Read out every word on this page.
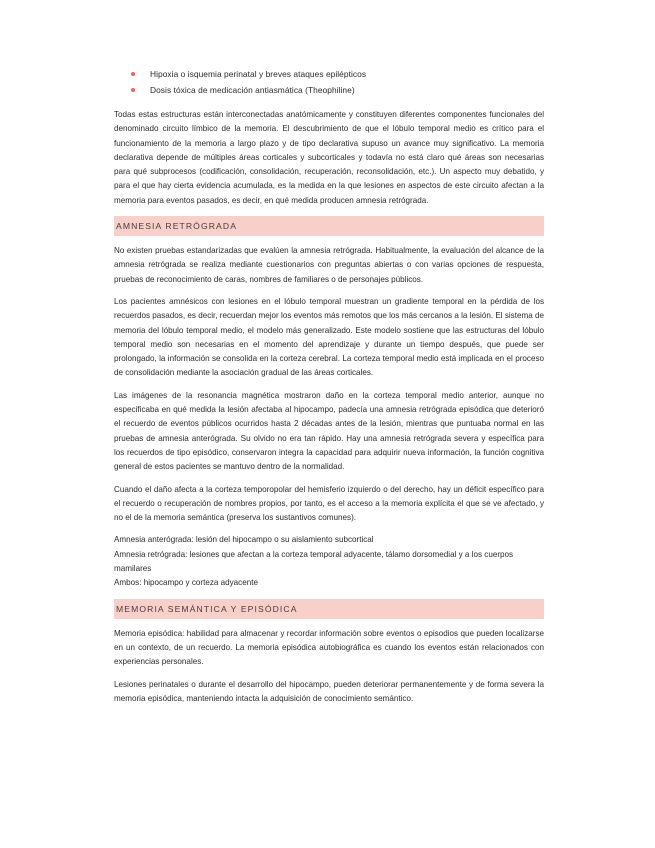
Hipoxia o isquemia perinatal y breves ataques epilépticos
Dosis tóxica de medicación antiasmática (Theophiline)

Todas estas estructuras están interconectadas anatómicamente y constituyen diferentes componentes funcionales del denominado circuito límbico de la memoria. El descubrimiento de que el lóbulo temporal medio es crítico para el funcionamiento de la memoria a largo plazo y de tipo declarativa supuso un avance muy significativo. La memoria declarativa depende de múltiples áreas corticales y subcorticales y todavía no está claro qué áreas son necesarias para qué subprocesos (codificación, consolidación, recuperación, reconsolidación, etc.). Un aspecto muy debatido, y para el que hay cierta evidencia acumulada, es la medida en la que lesiones en aspectos de este circuito afectan a la memoria para eventos pasados, es decir, en qué medida producen amnesia retrógrada.

AMNESIA RETRÓGRADA

No existen pruebas estandarizadas que evalúen la amnesia retrógrada. Habitualmente, la evaluación del alcance de la amnesia retrógrada se realiza mediante cuestionarios con preguntas abiertas o con varias opciones de respuesta, pruebas de reconocimiento de caras, nombres de familiares o de personajes públicos.

Los pacientes amnésicos con lesiones en el lóbulo temporal muestran un gradiente temporal en la pérdida de los recuerdos pasados, es decir, recuerdan mejor los eventos más remotos que los más cercanos a la lesión. El sistema de memoria del lóbulo temporal medio, el modelo más generalizado. Este modelo sostiene que las estructuras del lóbulo temporal medio son necesarias en el momento del aprendizaje y durante un tiempo después, que puede ser prolongado, la información se consolida en la corteza cerebral. La corteza temporal medio está implicada en el proceso de consolidación mediante la asociación gradual de las áreas corticales.

Las imágenes de la resonancia magnética mostraron daño en la corteza temporal medio anterior, aunque no especificaba en qué medida la lesión afectaba al hipocampo, padecía una amnesia retrógrada episódica que deterioró el recuerdo de eventos públicos ocurridos hasta 2 décadas antes de la lesión, mientras que puntuaba normal en las pruebas de amnesia anterógrada. Su olvido no era tan rápido. Hay una amnesia retrógrada severa y específica para los recuerdos de tipo episódico, conservaron integra la capacidad para adquirir nueva información, la función cognitiva general de estos pacientes se mantuvo dentro de la normalidad.

Cuando el daño afecta a la corteza temporopolar del hemisferio izquierdo o del derecho, hay un déficit específico para el recuerdo o recuperación de nombres propios, por tanto, es el acceso a la memoria explícita el que se ve afectado, y no el de la memoria semántica (preserva los sustantivos comunes).

Amnesia anterógrada: lesión del hipocampo o su aislamiento subcortical
Amnesia retrógrada: lesiones que afectan a la corteza temporal adyacente, tálamo dorsomedial y a los cuerpos mamilares
Ambos: hipocampo y corteza adyacente
MEMORIA SEMÁNTICA Y EPISÓDICA

Memoria episódica: habilidad para almacenar y recordar información sobre eventos o episodios que pueden localizarse en un contexto, de un recuerdo. La memoria episódica autobiográfica es cuando los eventos están relacionados con experiencias personales.

Lesiones perinatales o durante el desarrollo del hipocampo, pueden deteriorar permanentemente y de forma severa la memoria episódica, manteniendo intacta la adquisición de conocimiento semántico.
